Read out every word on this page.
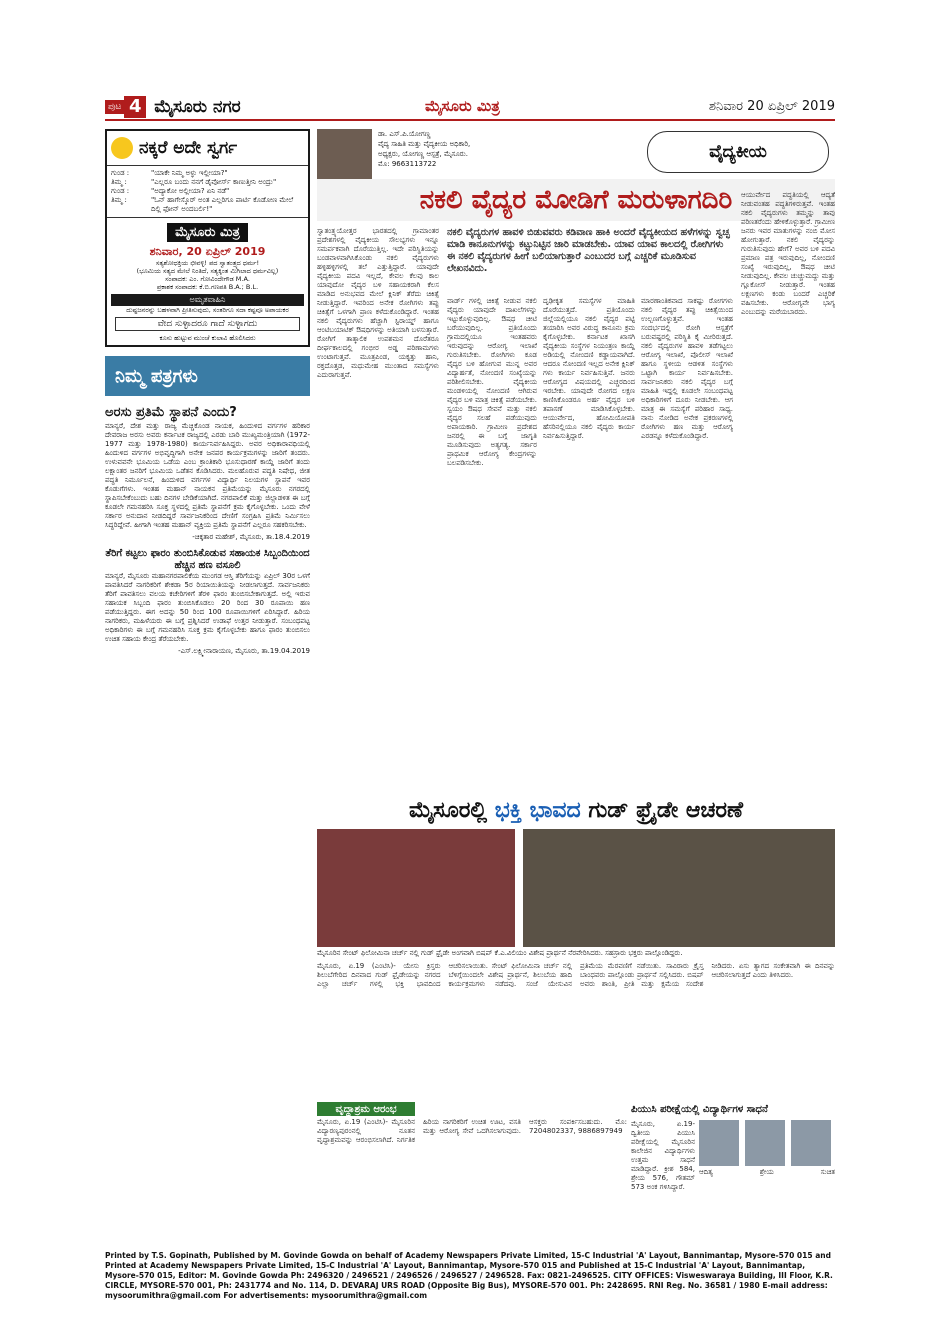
ಪುಟ 4 ಮೈಸೂರು ನಗರ	ಮೈಸೂರು ಮಿತ್ರ	ಶನಿವಾರ 20 ಏಪ್ರಿಲ್ 2019
ನಕ್ಕರೆ ಅದೇ ಸ್ವರ್ಗ
ಗುಂಡ :	"ಯಾಕೇ ನಿಮ್ಮ ಅಳ್ಳು ಇಲ್ಲೀಯಾ?"
ತಿಮ್ಮ :	"ಎಲ್ಲರೂ ಬಂದು ನನಗೆ ಡೈವೋರ್ಸ್ ಕಾಣುತ್ತೀನಿ ಅಂದ್ರು"
ಗುಂಡ :	"ಅದ್ಯಾಕೋ ಅಲ್ಲೀಯಾ? ಏನಿ ನಡೆ"
ತಿಮ್ಮ :	"ಓನ್ ಹಾಗೇಸ್ಕೊರ್ ಅಂತ ಎಲ್ಲರಿಗೂ ಪಾರ್ಟಿ ಕೊಡೋಣ ಮೇಲೆ ದಿಲ್ಲಿ ಫೋನ್ ಅಂದಬರ್ಲಿ!"
ಮೈಸೂರು ಮಿತ್ರ
ಶನಿವಾರ, 20 ಏಪ್ರಿಲ್ 2019
ಸತ್ಯಶೋಧಕ್ತಿಯ ಛೀವಳ್ಳಿ! ಪದ ಸ್ವಾತಂತ್ರ್ಯದ ಧರ್ಮ!
(ಭೂಮಿಯ ಸತ್ಯದ ಮೇಲೆ ನಿಂತಿದೆ, ಸತ್ಯಕ್ಕಿಂತ ಮಿಗಿಲಾದ ಧರ್ಮವಿಲ್ಲ)
ಸಂಪಾದಕ: ಎಂ. ಗೋವಿಂದೇಗೌಡ M.A.
ಪ್ರಕಾಶಕ ಸಂಪಾದಕ: ಕೆ.ಬಿ.ಗಣಪತಿ B.A.; B.L.
ಅಮೃತವಾಹಿನಿ
ದುಷ್ಟಜನರನ್ನು ಬಹಳವಾಗಿ ಪ್ರೀತಿಸುವುದು, ಸಂತರಿಗೂ ಸದಾ ಕಷ್ಟವೂ ಅಪಾಯಕರ
ವೇದ ಸುಳ್ಳಾದರೂ ಗಾದೆ ಸುಳ್ಳಾಗದು
ಕೂಸು ಹುಟ್ಟುವ ಮುಂಚೆ ಕುಲಾವಿ ಹೊಲಿಸಿದರು
ನಿಮ್ಮ ಪತ್ರಗಳು
ಅರಸು ಪ್ರತಿಮೆ ಸ್ಥಾಪನೆ ಎಂದು?
ಮಾನ್ಯರೆ, ದೇಶ ಮತ್ತು ರಾಜ್ಯ ಮೆಚ್ಚಿಕೊಂಡ ನಾಯಕ, ಹಿಂದುಳಿದ ವರ್ಗಗಳ ಹರಿಕಾರ ದೇವರಾಜ ಅರಸು ಅವರು ಕರ್ನಾಟಕ ರಾಜ್ಯದಲ್ಲಿ ಎರಡು ಬಾರಿ ಮುಖ್ಯಮಂತ್ರಿಯಾಗಿ (1972-1977 ಮತ್ತು 1978-1980) ಕಾರ್ಯನಿರ್ವಹಿಸಿದ್ದರು. ಅವರ ಅಧಿಕಾರಾವಧಿಯಲ್ಲಿ ಹಿಂದುಳಿದ ವರ್ಗಗಳ ಅಭಿವೃದ್ಧಿಗಾಗಿ ಅನೇಕ ಜನಪರ ಕಾರ್ಯಕ್ರಮಗಳನ್ನು ಜಾರಿಗೆ ತಂದರು. ಉಳುವವನೇ ಭೂಮಿಯ ಒಡೆಯ ಎಂಬ ಕ್ರಾಂತಿಕಾರಿ ಭೂಸುಧಾರಣೆ ಕಾಯ್ದೆ ಜಾರಿಗೆ ತಂದು ಲಕ್ಷಾಂತರ ಜನರಿಗೆ ಭೂಮಿಯ ಒಡೆತನ ಕೊಡಿಸಿದರು. ಮಲಹೊರುವ ಪದ್ಧತಿ ನಿಷೇಧ, ಜೀತ ಪದ್ಧತಿ ನಿರ್ಮೂಲನೆ, ಹಿಂದುಳಿದ ವರ್ಗಗಳ ವಿದ್ಯಾರ್ಥಿ ನಿಲಯಗಳ ಸ್ಥಾಪನೆ ಇವರ ಕೊಡುಗೆಗಳು. ಇಂತಹ ಮಹಾನ್ ನಾಯಕನ ಪ್ರತಿಮೆಯನ್ನು ಮೈಸೂರು ನಗರದಲ್ಲಿ ಸ್ಥಾಪಿಸಬೇಕೆಂಬುದು ಬಹು ದಿನಗಳ ಬೇಡಿಕೆಯಾಗಿದೆ. ನಗರಪಾಲಿಕೆ ಮತ್ತು ಜಿಲ್ಲಾಡಳಿತ ಈ ಬಗ್ಗೆ ಕೂಡಲೇ ಗಮನಹರಿಸಿ ಸೂಕ್ತ ಸ್ಥಳದಲ್ಲಿ ಪ್ರತಿಮೆ ಸ್ಥಾಪನೆಗೆ ಕ್ರಮ ಕೈಗೊಳ್ಳಬೇಕು. ಒಂದು ವೇಳೆ ಸರ್ಕಾರ ಅನುದಾನ ನೀಡದಿದ್ದರೆ ಸಾರ್ವಜನಿಕರಿಂದ ದೇಣಿಗೆ ಸಂಗ್ರಹಿಸಿ ಪ್ರತಿಮೆ ನಿರ್ಮಿಸಲು ಸಿದ್ಧರಿದ್ದೇವೆ. ಹೀಗಾಗಿ ಇಂತಹ ಮಹಾನ್ ವ್ಯಕ್ತಿಯ ಪ್ರತಿಮೆ ಸ್ಥಾಪನೆಗೆ ಎಲ್ಲರೂ ಸಹಕರಿಸಬೇಕು.
-ಚಿಕ್ಕತಾರ ಮಹೇಶ್, ಮೈಸೂರು, ತಾ.18.4.2019
ತೆರಿಗೆ ಕಟ್ಟಲು ಫಾರಂ ತುಂಬಿಸಿಕೊಡುವ ಸಹಾಯಕ ಸಿಬ್ಬಂದಿಯಿಂದ ಹೆಚ್ಚಿನ ಹಣ ವಸೂಲಿ
ಮಾನ್ಯರೆ, ಮೈಸೂರು ಮಹಾನಗರಪಾಲಿಕೆಯ ಮುಂಗಡ ಆಸ್ತಿ ತೆರಿಗೆಯನ್ನು ಏಪ್ರಿಲ್ 30ರ ಒಳಗೆ ಪಾವತಿಸಿದರೆ ನಾಗರಿಕರಿಗೆ ಶೇಕಡಾ 5ರ ರಿಯಾಯಿತಿಯನ್ನು ನೀಡಲಾಗುತ್ತದೆ. ಸಾರ್ವಜನಿಕರು ತೆರಿಗೆ ಪಾವತಿಸಲು ವಲಯ ಕಚೇರಿಗಳಿಗೆ ತೆರಳಿ ಫಾರಂ ತುಂಬಿಸಬೇಕಾಗುತ್ತದೆ. ಅಲ್ಲಿ ಇರುವ ಸಹಾಯಕ ಸಿಬ್ಬಂದಿ ಫಾರಂ ತುಂಬಿಸಿಕೊಡಲು 20 ರಿಂದ 30 ರೂಪಾಯಿ ಹಣ ಪಡೆಯುತ್ತಿದ್ದರು. ಈಗ ಅದನ್ನು 50 ರಿಂದ 100 ರೂಪಾಯಿಗಳಿಗೆ ಏರಿಸಿದ್ದಾರೆ. ಹಿರಿಯ ನಾಗರಿಕರು, ಮಹಿಳೆಯರು ಈ ಬಗ್ಗೆ ಪ್ರಶ್ನಿಸಿದರೆ ಉಡಾಫೆ ಉತ್ತರ ನೀಡುತ್ತಾರೆ. ಸಂಬಂಧಪಟ್ಟ ಅಧಿಕಾರಿಗಳು ಈ ಬಗ್ಗೆ ಗಮನಹರಿಸಿ ಸೂಕ್ತ ಕ್ರಮ ಕೈಗೊಳ್ಳಬೇಕು ಹಾಗೂ ಫಾರಂ ತುಂಬಿಸಲು ಉಚಿತ ಸಹಾಯ ಕೇಂದ್ರ ತೆರೆಯಬೇಕು.
-ಎಸ್.ಲಕ್ಷ್ಮೀನಾರಾಯಣ, ಮೈಸೂರು, ತಾ.19.04.2019
ಡಾ. ಎಸ್.ಪಿ.ಯೋಗಣ್ಣ
ವೈದ್ಯ ಸಾಹಿತಿ ಮತ್ತು ವೈದ್ಯಕೀಯ ಅಧಿಕಾರಿ,
ಅಧ್ಯಕ್ಷರು, ಯೋಗಣ್ಣ ಆಸ್ಪತ್ರೆ, ಮೈಸೂರು.
ಮೊ: 9663113722
ವೈದ್ಯಕೀಯ
ನಕಲಿ ವೈದ್ಯರ ಮೋಡಿಗೆ ಮರುಳಾಗದಿರಿ
ನಕಲಿ ವೈದ್ಯರುಗಳ ಹಾವಳಿ ಬಿಡುವವರು ಕಡಿವಾಣ ಹಾಕಿ ಅಂದರೆ ವೈದ್ಯಕೀಯದ ಹಳೆಗಳನ್ನು ಸ್ವಚ್ಛ ಮಾಡಿ ಕಾನೂನುಗಳನ್ನು ಕಟ್ಟುನಿಟ್ಟಿನ ಜಾರಿ ಮಾಡಬೇಕು. ಯಾವ ಯಾವ ಕಾಲದಲ್ಲಿ ರೋಗಿಗಳು ಈ ನಕಲಿ ವೈದ್ಯರುಗಳ ಹೀಗೆ ಬಲಿಯಾಗುತ್ತಾರೆ ಎಂಬುದರ ಬಗ್ಗೆ ಎಚ್ಚರಿಕೆ ಮೂಡಿಸುವ ಲೇಖನವಿದು.
ಸ್ವಾತಂತ್ರ್ಯಯೋತ್ತರ ಭಾರತದಲ್ಲಿ ಗ್ರಾಮಾಂತರ ಪ್ರದೇಶಗಳಲ್ಲಿ ವೈದ್ಯಕೀಯ ಸೌಲಭ್ಯಗಳು ಇನ್ನೂ ಸಮರ್ಪಕವಾಗಿ ದೊರೆಯುತ್ತಿಲ್ಲ. ಇದೇ ಪರಿಸ್ಥಿತಿಯನ್ನು ಬಂಡವಾಳವಾಗಿಸಿಕೊಂಡು ನಕಲಿ ವೈದ್ಯರುಗಳು ಹಳ್ಳಿಹಳ್ಳಿಗಳಲ್ಲಿ ತಲೆ ಎತ್ತುತ್ತಿದ್ದಾರೆ. ಯಾವುದೇ ವೈದ್ಯಕೀಯ ಪದವಿ ಇಲ್ಲದೆ, ಕೇವಲ ಕೆಲವು ಕಾಲ ಯಾವುದೋ ವೈದ್ಯರ ಬಳಿ ಸಹಾಯಕರಾಗಿ ಕೆಲಸ ಮಾಡಿದ ಅನುಭವದ ಮೇಲೆ ಕ್ಲಿನಿಕ್ ತೆರೆದು ಚಿಕಿತ್ಸೆ ನೀಡುತ್ತಿದ್ದಾರೆ. ಇವರಿಂದ ಅನೇಕ ರೋಗಿಗಳು ತಪ್ಪು ಚಿಕಿತ್ಸೆಗೆ ಒಳಗಾಗಿ ಪ್ರಾಣ ಕಳೆದುಕೊಂಡಿದ್ದಾರೆ. ಇಂತಹ ನಕಲಿ ವೈದ್ಯರುಗಳು ಹೆಚ್ಚಾಗಿ ಸ್ಟಿರಾಯ್ಡ್ ಹಾಗೂ ಆಂಟಿಬಯಾಟಿಕ್ ಔಷಧಿಗಳನ್ನು ಅತಿಯಾಗಿ ಬಳಸುತ್ತಾರೆ. ರೋಗಿಗೆ ತಾತ್ಕಾಲಿಕ ಉಪಶಮನ ದೊರೆತರೂ ದೀರ್ಘಕಾಲದಲ್ಲಿ ಗಂಭೀರ ಅಡ್ಡ ಪರಿಣಾಮಗಳು ಉಂಟಾಗುತ್ತವೆ. ಮೂತ್ರಪಿಂಡ, ಯಕೃತ್ತು ಹಾನಿ, ರಕ್ತದೊತ್ತಡ, ಮಧುಮೇಹ ಮುಂತಾದ ಸಮಸ್ಯೆಗಳು ಎದುರಾಗುತ್ತವೆ.
ವಾರ್ಡ್ ಗಳಲ್ಲಿ ಚಿಕಿತ್ಸೆ ನೀಡುವ ನಕಲಿ ವೈದ್ಯರು ಯಾವುದೇ ದಾಖಲೆಗಳನ್ನು ಇಟ್ಟುಕೊಳ್ಳುವುದಿಲ್ಲ. ಔಷಧ ಚೀಟಿ ಬರೆಯುವುದಿಲ್ಲ. ಪ್ರತಿಯೊಂದು ಗ್ರಾಮದಲ್ಲಿಯೂ ಇಂತಹವರು ಇರುವುದನ್ನು ಆರೋಗ್ಯ ಇಲಾಖೆ ಗುರುತಿಸಬೇಕು. ರೋಗಿಗಳು ಕೂಡ ವೈದ್ಯರ ಬಳಿ ಹೋಗುವ ಮುನ್ನ ಅವರ ವಿದ್ಯಾರ್ಹತೆ, ನೋಂದಣಿ ಸಂಖ್ಯೆಯನ್ನು ಪರಿಶೀಲಿಸಬೇಕು. ವೈದ್ಯಕೀಯ ಮಂಡಳಿಯಲ್ಲಿ ನೋಂದಣಿ ಆಗಿರುವ ವೈದ್ಯರ ಬಳಿ ಮಾತ್ರ ಚಿಕಿತ್ಸೆ ಪಡೆಯಬೇಕು. ಸ್ವಯಂ ಔಷಧ ಸೇವನೆ ಮತ್ತು ನಕಲಿ ವೈದ್ಯರ ಸಲಹೆ ಪಡೆಯುವುದು ಅಪಾಯಕಾರಿ. ಗ್ರಾಮೀಣ ಪ್ರದೇಶದ ಜನರಲ್ಲಿ ಈ ಬಗ್ಗೆ ಜಾಗೃತಿ ಮೂಡಿಸುವುದು ಅತ್ಯಗತ್ಯ. ಸರ್ಕಾರ ಪ್ರಾಥಮಿಕ ಆರೋಗ್ಯ ಕೇಂದ್ರಗಳನ್ನು ಬಲಪಡಿಸಬೇಕು.
ದೃಢೀಕೃತ ಸಮಸ್ಯೆಗಳ ಮಾಹಿತಿ ದೊರೆಯುತ್ತದೆ. ಪ್ರತಿಯೊಂದು ಜಿಲ್ಲೆಯಲ್ಲಿಯೂ ನಕಲಿ ವೈದ್ಯರ ಪಟ್ಟಿ ತಯಾರಿಸಿ ಅವರ ವಿರುದ್ಧ ಕಾನೂನು ಕ್ರಮ ಕೈಗೊಳ್ಳಬೇಕು. ಕರ್ನಾಟಕ ಖಾಸಗಿ ವೈದ್ಯಕೀಯ ಸಂಸ್ಥೆಗಳ ನಿಯಂತ್ರಣ ಕಾಯ್ದೆ ಅಡಿಯಲ್ಲಿ ನೋಂದಣಿ ಕಡ್ಡಾಯವಾಗಿದೆ. ಆದರೂ ನೋಂದಣಿ ಇಲ್ಲದ ಅನೇಕ ಕ್ಲಿನಿಕ್ ಗಳು ಕಾರ್ಯ ನಿರ್ವಹಿಸುತ್ತಿವೆ. ಜನರು ಆರೋಗ್ಯದ ವಿಷಯದಲ್ಲಿ ಎಚ್ಚರದಿಂದ ಇರಬೇಕು. ಯಾವುದೇ ರೋಗದ ಲಕ್ಷಣ ಕಾಣಿಸಿಕೊಂಡರೂ ಅರ್ಹ ವೈದ್ಯರ ಬಳಿ ತಪಾಸಣೆ ಮಾಡಿಸಿಕೊಳ್ಳಬೇಕು. ಆಯುರ್ವೇದ, ಹೋಮಿಯೋಪತಿ ಹೆಸರಿನಲ್ಲಿಯೂ ನಕಲಿ ವೈದ್ಯರು ಕಾರ್ಯ ನಿರ್ವಹಿಸುತ್ತಿದ್ದಾರೆ.
ಮಾರಣಾಂತಿಕವಾದ ಸಾಕಷ್ಟು ರೋಗಗಳು ನಕಲಿ ವೈದ್ಯರ ತಪ್ಪು ಚಿಕಿತ್ಸೆಯಿಂದ ಉಲ್ಬಣಗೊಳ್ಳುತ್ತವೆ. ಇಂತಹ ಸಂದರ್ಭದಲ್ಲಿ ರೋಗಿ ಆಸ್ಪತ್ರೆಗೆ ಬರುವಷ್ಟರಲ್ಲಿ ಪರಿಸ್ಥಿತಿ ಕೈ ಮೀರಿರುತ್ತದೆ. ನಕಲಿ ವೈದ್ಯರುಗಳ ಹಾವಳಿ ತಡೆಗಟ್ಟಲು ಆರೋಗ್ಯ ಇಲಾಖೆ, ಪೊಲೀಸ್ ಇಲಾಖೆ ಹಾಗೂ ಸ್ಥಳೀಯ ಆಡಳಿತ ಸಂಸ್ಥೆಗಳು ಒಟ್ಟಾಗಿ ಕಾರ್ಯ ನಿರ್ವಹಿಸಬೇಕು. ಸಾರ್ವಜನಿಕರು ನಕಲಿ ವೈದ್ಯರ ಬಗ್ಗೆ ಮಾಹಿತಿ ಇದ್ದಲ್ಲಿ ಕೂಡಲೇ ಸಂಬಂಧಪಟ್ಟ ಅಧಿಕಾರಿಗಳಿಗೆ ದೂರು ನೀಡಬೇಕು. ಆಗ ಮಾತ್ರ ಈ ಸಮಸ್ಯೆಗೆ ಪರಿಹಾರ ಸಾಧ್ಯ. ನಾನು ನೋಡಿದ ಅನೇಕ ಪ್ರಕರಣಗಳಲ್ಲಿ ರೋಗಿಗಳು ಹಣ ಮತ್ತು ಆರೋಗ್ಯ ಎರಡನ್ನೂ ಕಳೆದುಕೊಂಡಿದ್ದಾರೆ.
ಆಯುರ್ವೇದ ಪದ್ಧತಿಯಲ್ಲಿ ಆದ್ಯತೆ ನೀಡುವಂತಹ ಪದ್ಧತಿಗಳಿರುತ್ತವೆ. ಇಂತಹ ನಕಲಿ ವೈದ್ಯರುಗಳು ತಮ್ಮನ್ನು ತಾವು ಪರಿಣತರೆಂದು ಹೇಳಿಕೊಳ್ಳುತ್ತಾರೆ. ಗ್ರಾಮೀಣ ಜನರು ಇವರ ಮಾತುಗಳನ್ನು ನಂಬಿ ಮೋಸ ಹೋಗುತ್ತಾರೆ. ನಕಲಿ ವೈದ್ಯರನ್ನು ಗುರುತಿಸುವುದು ಹೇಗೆ? ಅವರ ಬಳಿ ಪದವಿ ಪ್ರಮಾಣ ಪತ್ರ ಇರುವುದಿಲ್ಲ, ನೋಂದಣಿ ಸಂಖ್ಯೆ ಇರುವುದಿಲ್ಲ, ಔಷಧ ಚೀಟಿ ನೀಡುವುದಿಲ್ಲ. ಕೇವಲ ಚುಚ್ಚುಮದ್ದು ಮತ್ತು ಗ್ಲೂಕೋಸ್ ನೀಡುತ್ತಾರೆ. ಇಂತಹ ಲಕ್ಷಣಗಳು ಕಂಡು ಬಂದರೆ ಎಚ್ಚರಿಕೆ ವಹಿಸಬೇಕು. ಆರೋಗ್ಯವೇ ಭಾಗ್ಯ ಎಂಬುದನ್ನು ಮರೆಯಬಾರದು.
ಮೈಸೂರಲ್ಲಿ
ಭಕ್ತಿ ಭಾವದ
ಗುಡ್ ಫ್ರೈಡೇ ಆಚರಣೆ
ಮೈಸೂರಿನ ಸೇಂಟ್ ಫಿಲೋಮಿನಾ ಚರ್ಚ್ ನಲ್ಲಿ ಗುಡ್ ಫ್ರೈಡೇ ಅಂಗವಾಗಿ ಬಿಷಪ್ ಕೆ.ಎ.ವಿಲಿಯಂ ವಿಶೇಷ ಪ್ರಾರ್ಥನೆ ನೆರವೇರಿಸಿದರು. ಸಹಸ್ರಾರು ಭಕ್ತರು ಪಾಲ್ಗೊಂಡಿದ್ದರು.
ಮೈಸೂರು, ಏ.19 (ಎಂಟಿಸಿ)- ಯೇಸು ಕ್ರಿಸ್ತರು ಶಿಲುಬೆಗೇರಿದ ದಿನವಾದ ಗುಡ್ ಫ್ರೈಡೇಯನ್ನು ನಗರದ ಎಲ್ಲಾ ಚರ್ಚ್ ಗಳಲ್ಲಿ ಭಕ್ತಿ ಭಾವದಿಂದ ಆಚರಿಸಲಾಯಿತು. ಸೇಂಟ್ ಫಿಲೋಮಿನಾ ಚರ್ಚ್ ನಲ್ಲಿ ಬೆಳಿಗ್ಗೆಯಿಂದಲೇ ವಿಶೇಷ ಪ್ರಾರ್ಥನೆ, ಶಿಲುಬೆಯ ಹಾದಿ ಕಾರ್ಯಕ್ರಮಗಳು ನಡೆದವು. ಸಂಜೆ ಯೇಸುವಿನ ಪ್ರತಿಮೆಯ ಮೆರವಣಿಗೆ ನಡೆಯಿತು. ಸಾವಿರಾರು ಕ್ರೈಸ್ತ ಬಾಂಧವರು ಪಾಲ್ಗೊಂಡು ಪ್ರಾರ್ಥನೆ ಸಲ್ಲಿಸಿದರು. ಬಿಷಪ್ ಅವರು ಶಾಂತಿ, ಪ್ರೀತಿ ಮತ್ತು ಕ್ಷಮೆಯ ಸಂದೇಶ ನೀಡಿದರು. ಏಸು ತ್ಯಾಗದ ಸಂಕೇತವಾಗಿ ಈ ದಿನವನ್ನು ಆಚರಿಸಲಾಗುತ್ತದೆ ಎಂದು ತಿಳಿಸಿದರು.
ವೃದ್ಧಾಶ್ರಮ ಆರಂಭ
ಮೈಸೂರು, ಏ.19 (ಎಂಟಿಸಿ)- ಮೈಸೂರಿನ ವಿದ್ಯಾರಣ್ಯಪುರಂನಲ್ಲಿ ನೂತನ ವೃದ್ಧಾಶ್ರಮವನ್ನು ಆರಂಭಿಸಲಾಗಿದೆ. ನಿರ್ಗತಿಕ ಹಿರಿಯ ನಾಗರಿಕರಿಗೆ ಉಚಿತ ಊಟ, ವಸತಿ ಮತ್ತು ಆರೋಗ್ಯ ಸೇವೆ ಒದಗಿಸಲಾಗುವುದು. ಆಸಕ್ತರು ಸಂಪರ್ಕಿಸಬಹುದು. ಮೊ: 7204802337, 9886897949
ಪಿಯುಸಿ ಪರೀಕ್ಷೆಯಲ್ಲಿ ವಿದ್ಯಾರ್ಥಿಗಳ ಸಾಧನೆ
ಆದಿತ್ಯ	ಶ್ರೇಯ	ಸುಚಿತ
ಮೈಸೂರು, ಏ.19- ದ್ವಿತೀಯ ಪಿಯುಸಿ ಪರೀಕ್ಷೆಯಲ್ಲಿ ಮೈಸೂರಿನ ಕಾಲೇಜಿನ ವಿದ್ಯಾರ್ಥಿಗಳು ಉತ್ತಮ ಸಾಧನೆ ಮಾಡಿದ್ದಾರೆ. ಕ್ರೀಶ 584, ಶ್ರೇಯ 576, ಗೌತಮ್ 573 ಅಂಕ ಗಳಿಸಿದ್ದಾರೆ.
Printed by T.S. Gopinath, Published by M. Govinde Gowda on behalf of Academy Newspapers Private Limited, 15-C Industrial 'A' Layout, Bannimantap, Mysore-570 015 and Printed at Academy Newspapers Private Limited, 15-C Industrial 'A' Layout, Bannimantap, Mysore-570 015 and Published at 15-C Industrial 'A' Layout, Bannimantap, Mysore-570 015, Editor: M. Govinde Gowda Ph: 2496320 / 2496521 / 2496526 / 2496527 / 2496528. Fax: 0821-2496525. CITY OFFICES: Visweswaraya Building, III Floor, K.R. CIRCLE, MYSORE-570 001, Ph: 2431774 and No. 114, D. DEVARAJ URS ROAD (Opposite Big Bus), MYSORE-570 001. Ph: 2428695. RNI Reg. No. 36581 / 1980 E-mail address: mysoorumithra@gmail.com For advertisements: mysoorumithra@gmail.com
